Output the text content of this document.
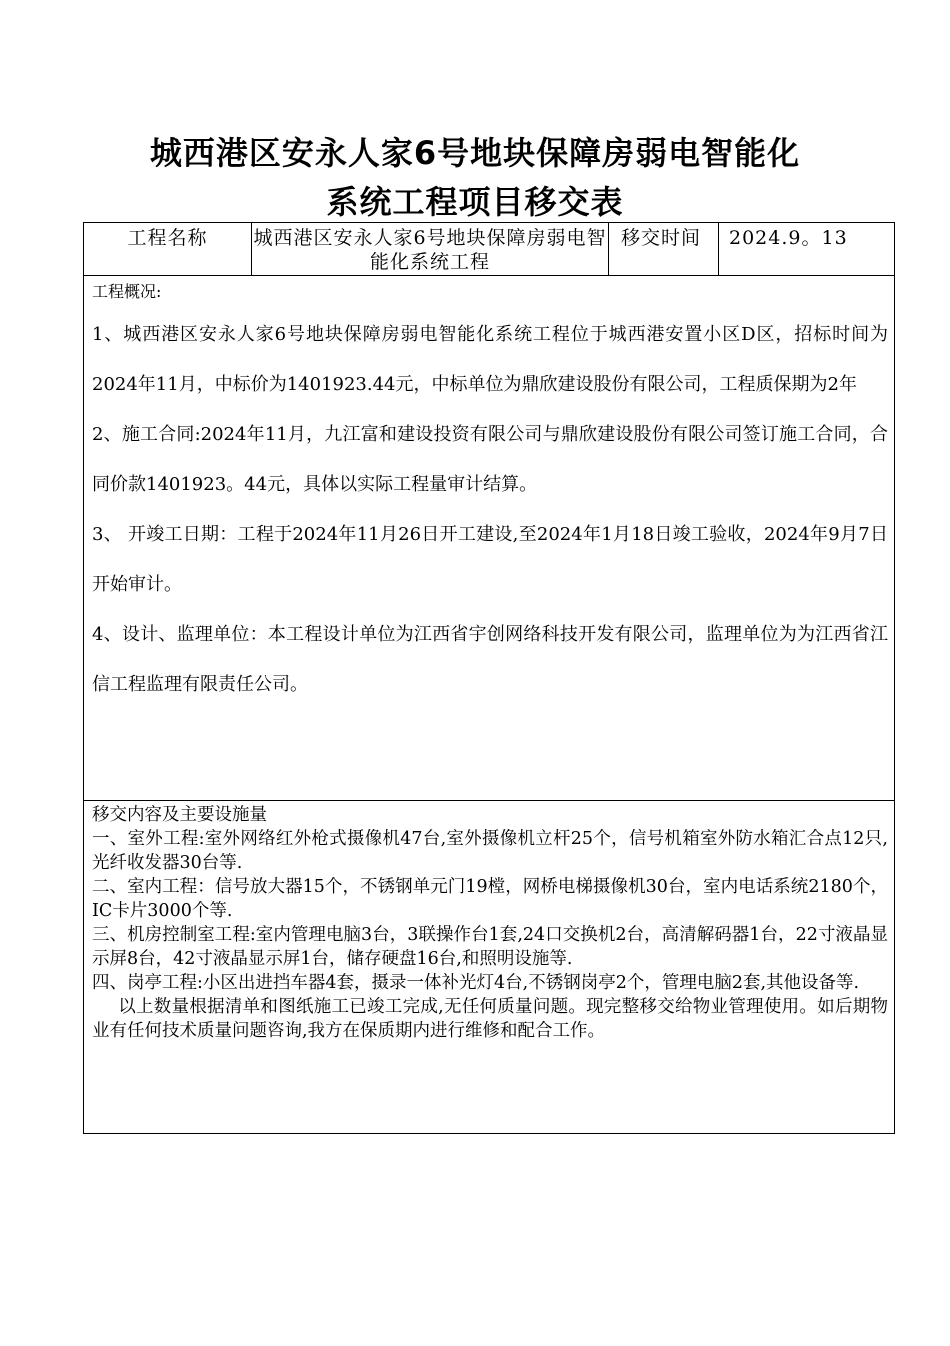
城西港区安永人家6号地块保障房弱电智能化
系统工程项目移交表
工程名称	城西港区安永人家6号地块保障房弱电智能化系统工程	移交时间	2024.9。13

工程概况:

1、城西港区安永人家6号地块保障房弱电智能化系统工程位于城西港安置小区D区，招标时间为2024年11月，中标价为1401923.44元，中标单位为鼎欣建设股份有限公司，工程质保期为2年

2、施工合同:2024年11月，九江富和建设投资有限公司与鼎欣建设股份有限公司签订施工合同，合同价款1401923。44元，具体以实际工程量审计结算。

3、 开竣工日期：工程于2024年11月26日开工建设,至2024年1月18日竣工验收，2024年9月7日开始审计。

4、设计、监理单位：本工程设计单位为江西省宇创网络科技开发有限公司，监理单位为为江西省江信工程监理有限责任公司。

移交内容及主要设施量
一、室外工程:室外网络红外枪式摄像机47台,室外摄像机立杆25个，信号机箱室外防水箱汇合点12只,光纤收发器30台等.
二、室内工程：信号放大器15个，不锈钢单元门19樘，网桥电梯摄像机30台，室内电话系统2180个，IC卡片3000个等.
三、机房控制室工程:室内管理电脑3台，3联操作台1套,24口交换机2台，高清解码器1台，22寸液晶显示屏8台，42寸液晶显示屏1台，储存硬盘16台,和照明设施等.
四、岗亭工程:小区出进挡车器4套，摄录一体补光灯4台,不锈钢岗亭2个，管理电脑2套,其他设备等.
以上数量根据清单和图纸施工已竣工完成,无任何质量问题。现完整移交给物业管理使用。如后期物业有任何技术质量问题咨询,我方在保质期内进行维修和配合工作。
